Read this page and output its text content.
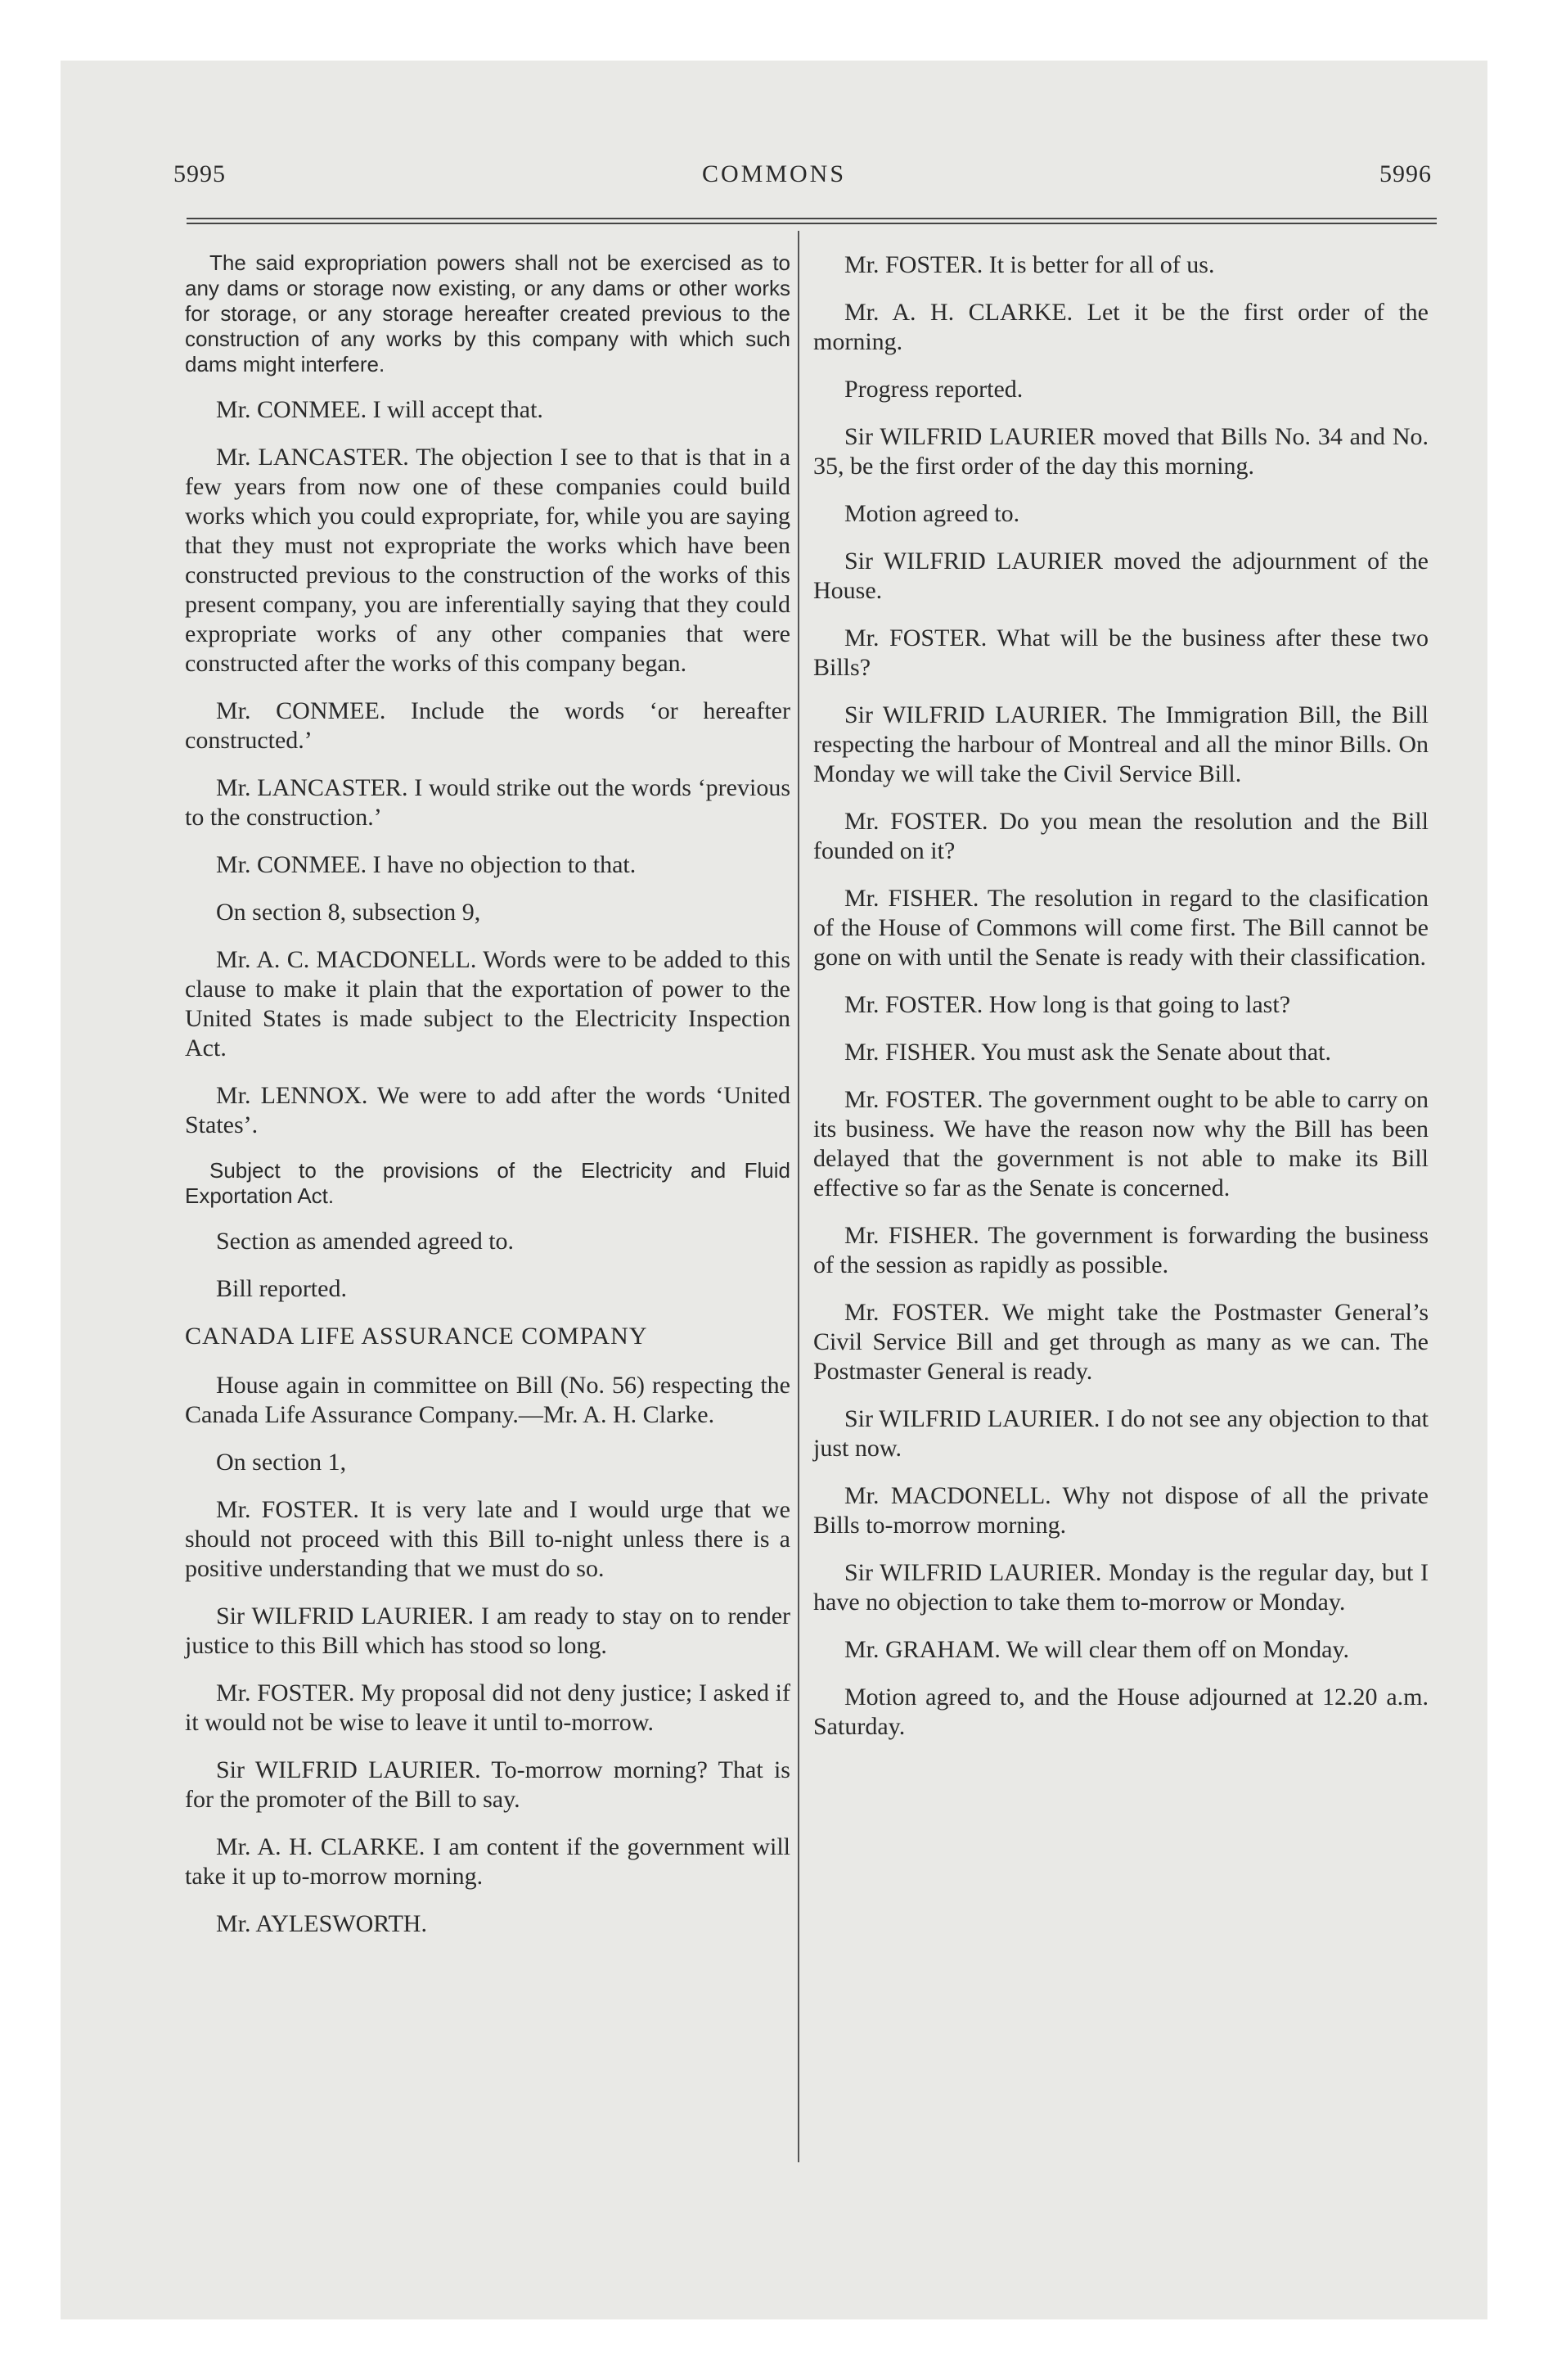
COMMONS
5995	5996

The said expropriation powers shall not be exercised as to any dams or storage now existing, or any dams or other works for storage, or any storage hereafter created previous to the construction of any works by this company with which such dams might interfere.

Mr. CONMEE. I will accept that.

Mr. LANCASTER. The objection I see to that is that in a few years from now one of these companies could build works which you could expropriate, for, while you are saying that they must not expropriate the works which have been constructed previous to the construction of the works of this present company, you are inferentially saying that they could expropriate works of any other companies that were constructed after the works of this company began.

Mr. CONMEE. Include the words ‘or hereafter constructed.’

Mr. LANCASTER. I would strike out the words ‘previous to the construction.’

Mr. CONMEE. I have no objection to that.

On section 8, subsection 9,

Mr. A. C. MACDONELL. Words were to be added to this clause to make it plain that the exportation of power to the United States is made subject to the Electricity Inspection Act.

Mr. LENNOX. We were to add after the words ‘United States’.

Subject to the provisions of the Electricity and Fluid Exportation Act.

Section as amended agreed to.

Bill reported.

CANADA LIFE ASSURANCE COMPANY

House again in committee on Bill (No. 56) respecting the Canada Life Assurance Company.—Mr. A. H. Clarke.

On section 1,

Mr. FOSTER. It is very late and I would urge that we should not proceed with this Bill to-night unless there is a positive understanding that we must do so.

Sir WILFRID LAURIER. I am ready to stay on to render justice to this Bill which has stood so long.

Mr. FOSTER. My proposal did not deny justice; I asked if it would not be wise to leave it until to-morrow.

Sir WILFRID LAURIER. To-morrow morning? That is for the promoter of the Bill to say.

Mr. A. H. CLARKE. I am content if the government will take it up to-morrow morning.

Mr. AYLESWORTH.

Mr. FOSTER. It is better for all of us.

Mr. A. H. CLARKE. Let it be the first order of the morning.

Progress reported.

Sir WILFRID LAURIER moved that Bills No. 34 and No. 35, be the first order of the day this morning.

Motion agreed to.

Sir WILFRID LAURIER moved the adjournment of the House.

Mr. FOSTER. What will be the business after these two Bills?

Sir WILFRID LAURIER. The Immigration Bill, the Bill respecting the harbour of Montreal and all the minor Bills. On Monday we will take the Civil Service Bill.

Mr. FOSTER. Do you mean the resolution and the Bill founded on it?

Mr. FISHER. The resolution in regard to the clasification of the House of Commons will come first. The Bill cannot be gone on with until the Senate is ready with their classification.

Mr. FOSTER. How long is that going to last?

Mr. FISHER. You must ask the Senate about that.

Mr. FOSTER. The government ought to be able to carry on its business. We have the reason now why the Bill has been delayed that the government is not able to make its Bill effective so far as the Senate is concerned.

Mr. FISHER. The government is forwarding the business of the session as rapidly as possible.

Mr. FOSTER. We might take the Postmaster General’s Civil Service Bill and get through as many as we can. The Postmaster General is ready.

Sir WILFRID LAURIER. I do not see any objection to that just now.

Mr. MACDONELL. Why not dispose of all the private Bills to-morrow morning.

Sir WILFRID LAURIER. Monday is the regular day, but I have no objection to take them to-morrow or Monday.

Mr. GRAHAM. We will clear them off on Monday.

Motion agreed to, and the House adjourned at 12.20 a.m. Saturday.
